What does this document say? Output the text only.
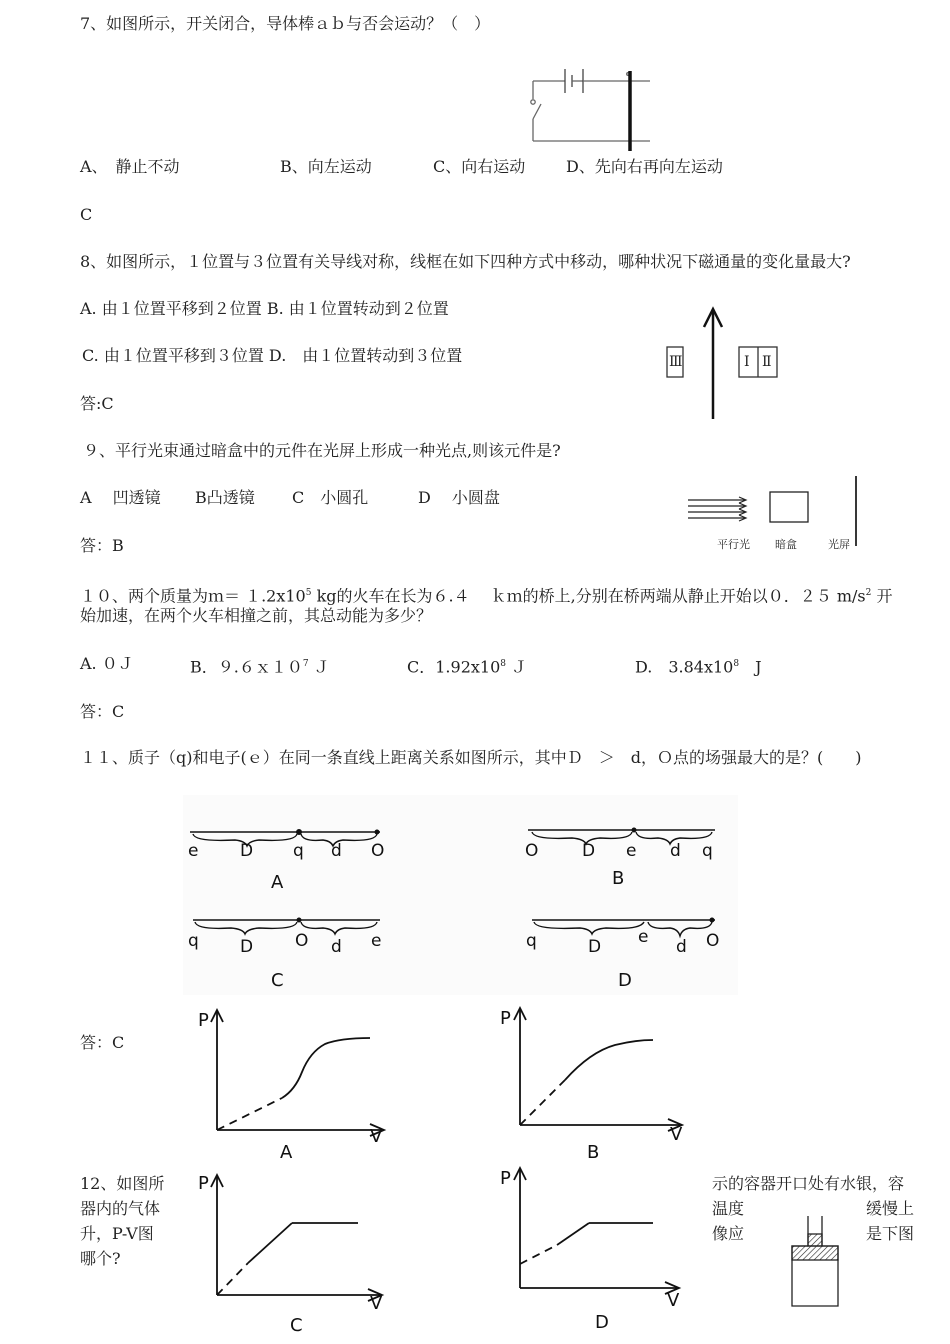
7、如图所示，开关闭合，导体棒ａｂ与否会运动？（　）
A、　静止不动	B、向左运动	C、向右运动	D、先向右再向左运动
C
8、如图所示，１位置与３位置有关导线对称，线框在如下四种方式中移动，哪种状况下磁通量的变化量最大?
A. 由１位置平移到２位置 B. 由１位置转动到２位置
C. 由１位置平移到３位置 D.　由１位置转动到３位置
答:C
Ⅲ	Ⅰ Ⅱ
９、平行光束通过暗盒中的元件在光屏上形成一种光点,则该元件是?
A　 凹透镜 B凸透镜 C　小圆孔	D　 小圆盘
答：B	平行光 暗盒	光屏
１０、两个质量为ｍ＝ $1.2x10^5$ kg的火车在长为６.４　 ｋｍ的桥上,分别在桥两端从静止开始以０．２５ $m/s^2$ 开
始加速，在两个火车相撞之前，其总动能为多少？
A. ０Ｊ	B．$9.6x10^7$ Ｊ	C．$1.92x10^8$ Ｊ	D.　$3.84x10^8$　J
答：C
１１、质子（q)和电子(ｅ）在同一条直线上距离关系如图所示，其中Ｄ　＞　d，Ｏ点的场强最大的是？(　　)
e D q d O
A
O	D e d q
B
q D O d e
C
q	D e d O
D
答：C
P
V
A
P
V
B
P
V
C
P
V
D
12、如图所
器内的气体
升，P-V图
哪个?
示的容器开口处有水银，容
温度
像应
缓慢上
是下图
